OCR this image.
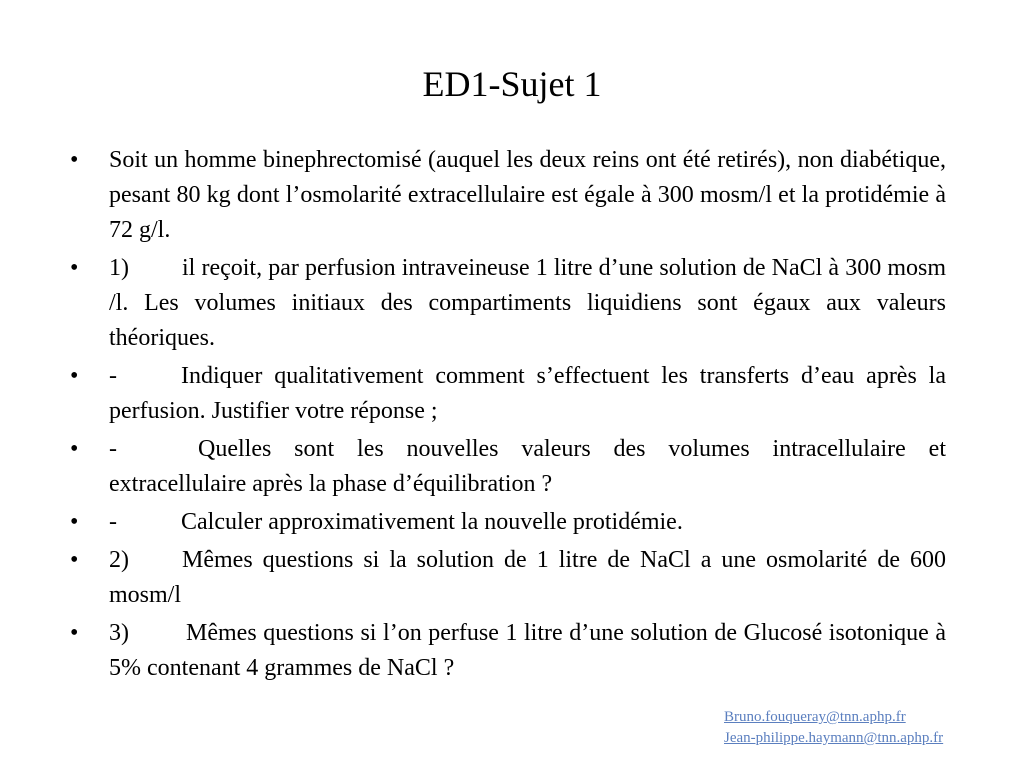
ED1-Sujet 1
• Soit un homme binephrectomisé (auquel les deux reins ont été retirés), non diabétique, pesant 80 kg dont l’osmolarité extracellulaire est égale à 300 mosm/l et la protidémie à 72 g/l.
• 1) il reçoit, par perfusion intraveineuse 1 litre d’une solution de NaCl à 300 mosm /l. Les volumes initiaux des compartiments liquidiens sont égaux aux valeurs théoriques.
• -	Indiquer qualitativement comment s’effectuent les transferts d’eau après la perfusion. Justifier votre réponse ;
• -	Quelles sont les nouvelles valeurs des volumes intracellulaire et extracellulaire après la phase d’équilibration ?
• -	Calculer approximativement la nouvelle protidémie.
• 2) Mêmes questions si la solution de 1 litre de NaCl a une osmolarité de 600 mosm/l
• 3) Mêmes questions si l’on perfuse 1 litre d’une solution de Glucosé isotonique à 5% contenant 4 grammes de NaCl ?
Bruno.fouqueray@tnn.aphp.fr
Jean-philippe.haymann@tnn.aphp.fr
